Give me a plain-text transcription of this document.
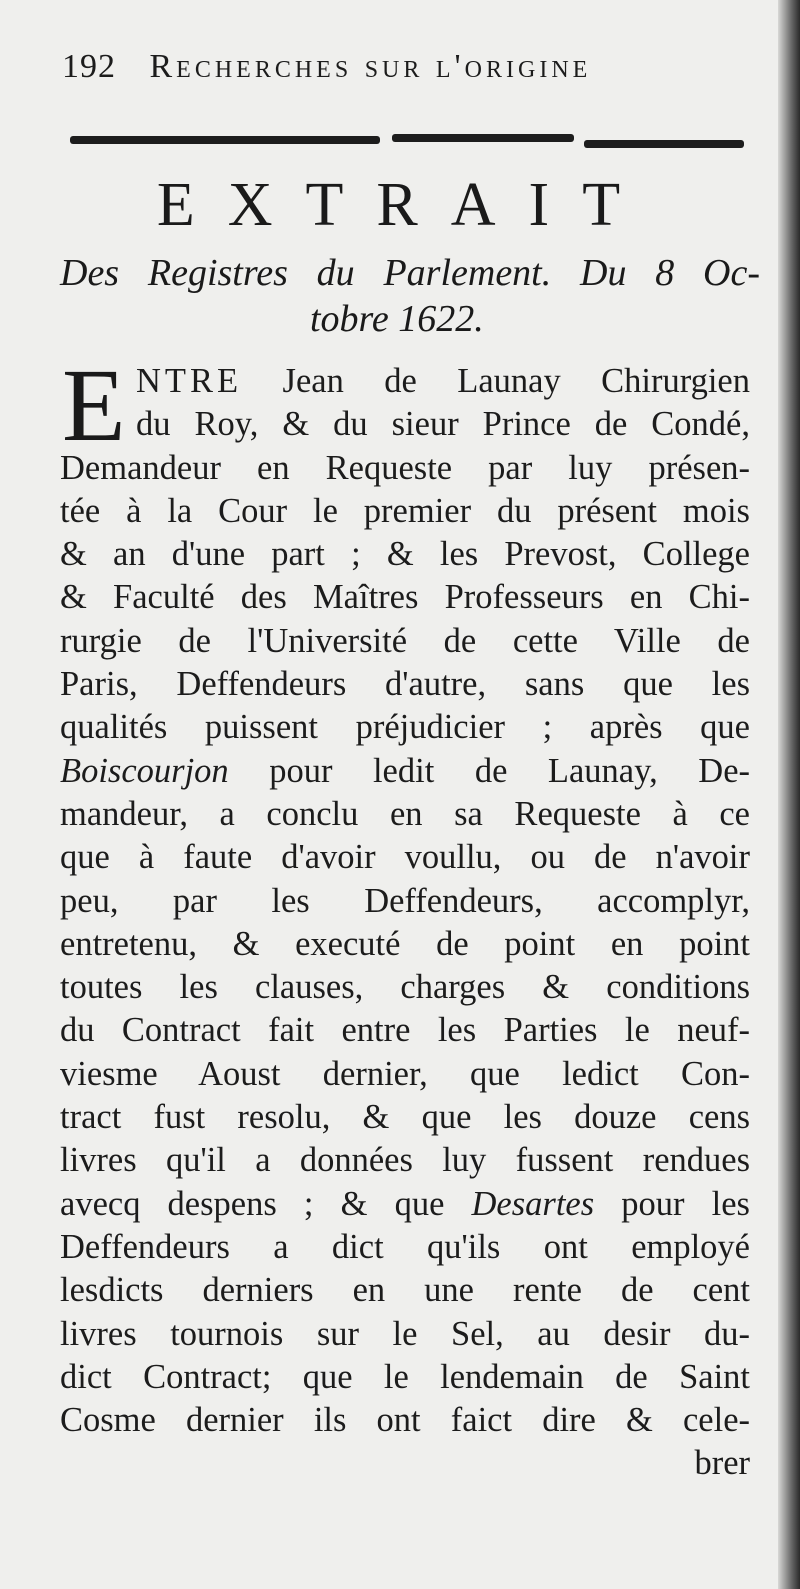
192 Recherches sur l'origine
EXTRAIT
Des Registres du Parlement. Du 8 Oc-
tobre 1622.
E NTRE Jean de Launay Chirurgien
du Roy, & du sieur Prince de Condé,
Demandeur en Requeste par luy présen-
tée à la Cour le premier du présent mois
& an d'une part ; & les Prevost, College
& Faculté des Maîtres Professeurs en Chi-
rurgie de l'Université de cette Ville de
Paris, Deffendeurs d'autre, sans que les
qualités puissent préjudicier ; après que
Boiscourjon pour ledit de Launay, De-
mandeur, a conclu en sa Requeste à ce
que à faute d'avoir voullu, ou de n'avoir
peu, par les Deffendeurs, accomplyr,
entretenu, & executé de point en point
toutes les clauses, charges & conditions
du Contract fait entre les Parties le neuf-
viesme Aoust dernier, que ledict Con-
tract fust resolu, & que les douze cens
livres qu'il a données luy fussent rendues
avecq despens ; & que Desartes pour les
Deffendeurs a dict qu'ils ont employé
lesdicts derniers en une rente de cent
livres tournois sur le Sel, au desir du-
dict Contract; que le lendemain de Saint
Cosme dernier ils ont faict dire & cele-
brer
